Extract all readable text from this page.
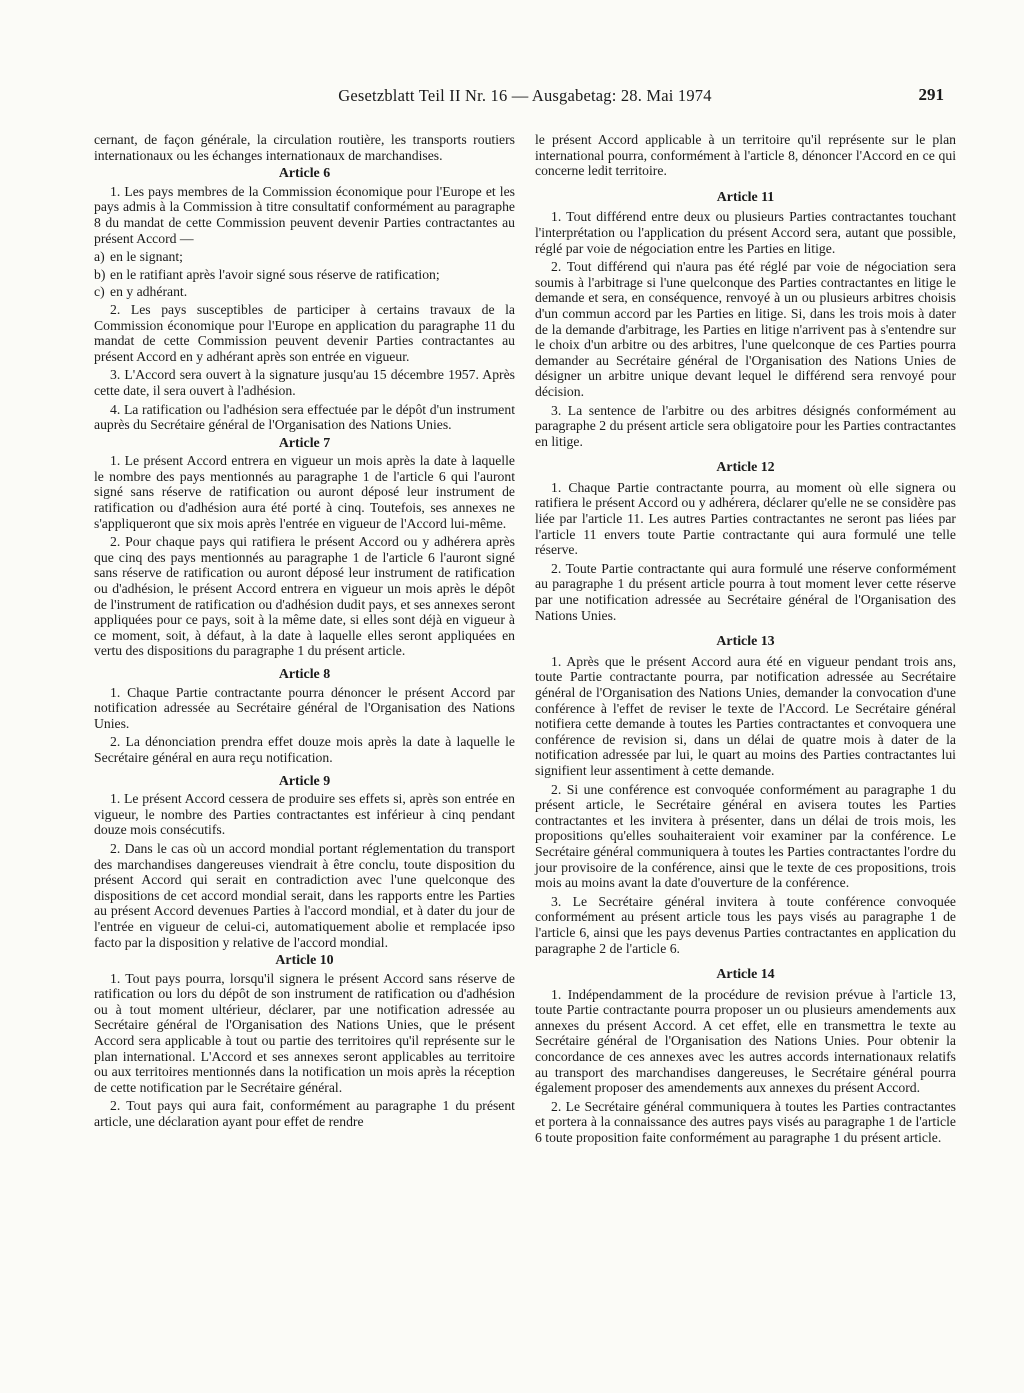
Gesetzblatt Teil II Nr. 16 — Ausgabetag: 28. Mai 1974	291

cernant, de façon générale, la circulation routière, les transports routiers internationaux ou les échanges internationaux de marchandises.

Article 6

1. Les pays membres de la Commission économique pour l'Europe et les pays admis à la Commission à titre consultatif conformément au paragraphe 8 du mandat de cette Commission peuvent devenir Parties contractantes au présent Accord —

a) en le signant;

b) en le ratifiant après l'avoir signé sous réserve de ratification;

c) en y adhérant.

2. Les pays susceptibles de participer à certains travaux de la Commission économique pour l'Europe en application du paragraphe 11 du mandat de cette Commission peuvent devenir Parties contractantes au présent Accord en y adhérant après son entrée en vigueur.

3. L'Accord sera ouvert à la signature jusqu'au 15 décembre 1957. Après cette date, il sera ouvert à l'adhésion.

4. La ratification ou l'adhésion sera effectuée par le dépôt d'un instrument auprès du Secrétaire général de l'Organisation des Nations Unies.

Article 7

1. Le présent Accord entrera en vigueur un mois après la date à laquelle le nombre des pays mentionnés au paragraphe 1 de l'article 6 qui l'auront signé sans réserve de ratification ou auront déposé leur instrument de ratification ou d'adhésion aura été porté à cinq. Toutefois, ses annexes ne s'appliqueront que six mois après l'entrée en vigueur de l'Accord lui-même.

2. Pour chaque pays qui ratifiera le présent Accord ou y adhérera après que cinq des pays mentionnés au paragraphe 1 de l'article 6 l'auront signé sans réserve de ratification ou auront déposé leur instrument de ratification ou d'adhésion, le présent Accord entrera en vigueur un mois après le dépôt de l'instrument de ratification ou d'adhésion dudit pays, et ses annexes seront appliquées pour ce pays, soit à la même date, si elles sont déjà en vigueur à ce moment, soit, à défaut, à la date à laquelle elles seront appliquées en vertu des dispositions du paragraphe 1 du présent article.

Article 8

1. Chaque Partie contractante pourra dénoncer le présent Accord par notification adressée au Secrétaire général de l'Organisation des Nations Unies.

2. La dénonciation prendra effet douze mois après la date à laquelle le Secrétaire général en aura reçu notification.

Article 9

1. Le présent Accord cessera de produire ses effets si, après son entrée en vigueur, le nombre des Parties contractantes est inférieur à cinq pendant douze mois consécutifs.

2. Dans le cas où un accord mondial portant réglementation du transport des marchandises dangereuses viendrait à être conclu, toute disposition du présent Accord qui serait en contradiction avec l'une quelconque des dispositions de cet accord mondial serait, dans les rapports entre les Parties au présent Accord devenues Parties à l'accord mondial, et à dater du jour de l'entrée en vigueur de celui-ci, automatiquement abolie et remplacée ipso facto par la disposition y relative de l'accord mondial.

Article 10

1. Tout pays pourra, lorsqu'il signera le présent Accord sans réserve de ratification ou lors du dépôt de son instrument de ratification ou d'adhésion ou à tout moment ultérieur, déclarer, par une notification adressée au Secrétaire général de l'Organisation des Nations Unies, que le présent Accord sera applicable à tout ou partie des territoires qu'il représente sur le plan international. L'Accord et ses annexes seront applicables au territoire ou aux territoires mentionnés dans la notification un mois après la réception de cette notification par le Secrétaire général.

2. Tout pays qui aura fait, conformément au paragraphe 1 du présent article, une déclaration ayant pour effet de rendre

le présent Accord applicable à un territoire qu'il représente sur le plan international pourra, conformément à l'article 8, dénoncer l'Accord en ce qui concerne ledit territoire.

Article 11

1. Tout différend entre deux ou plusieurs Parties contractantes touchant l'interprétation ou l'application du présent Accord sera, autant que possible, réglé par voie de négociation entre les Parties en litige.

2. Tout différend qui n'aura pas été réglé par voie de négociation sera soumis à l'arbitrage si l'une quelconque des Parties contractantes en litige le demande et sera, en conséquence, renvoyé à un ou plusieurs arbitres choisis d'un commun accord par les Parties en litige. Si, dans les trois mois à dater de la demande d'arbitrage, les Parties en litige n'arrivent pas à s'entendre sur le choix d'un arbitre ou des arbitres, l'une quelconque de ces Parties pourra demander au Secrétaire général de l'Organisation des Nations Unies de désigner un arbitre unique devant lequel le différend sera renvoyé pour décision.

3. La sentence de l'arbitre ou des arbitres désignés conformément au paragraphe 2 du présent article sera obligatoire pour les Parties contractantes en litige.

Article 12

1. Chaque Partie contractante pourra, au moment où elle signera ou ratifiera le présent Accord ou y adhérera, déclarer qu'elle ne se considère pas liée par l'article 11. Les autres Parties contractantes ne seront pas liées par l'article 11 envers toute Partie contractante qui aura formulé une telle réserve.

2. Toute Partie contractante qui aura formulé une réserve conformément au paragraphe 1 du présent article pourra à tout moment lever cette réserve par une notification adressée au Secrétaire général de l'Organisation des Nations Unies.

Article 13

1. Après que le présent Accord aura été en vigueur pendant trois ans, toute Partie contractante pourra, par notification adressée au Secrétaire général de l'Organisation des Nations Unies, demander la convocation d'une conférence à l'effet de reviser le texte de l'Accord. Le Secrétaire général notifiera cette demande à toutes les Parties contractantes et convoquera une conférence de revision si, dans un délai de quatre mois à dater de la notification adressée par lui, le quart au moins des Parties contractantes lui signifient leur assentiment à cette demande.

2. Si une conférence est convoquée conformément au paragraphe 1 du présent article, le Secrétaire général en avisera toutes les Parties contractantes et les invitera à présenter, dans un délai de trois mois, les propositions qu'elles souhaiteraient voir examiner par la conférence. Le Secrétaire général communiquera à toutes les Parties contractantes l'ordre du jour provisoire de la conférence, ainsi que le texte de ces propositions, trois mois au moins avant la date d'ouverture de la conférence.

3. Le Secrétaire général invitera à toute conférence convoquée conformément au présent article tous les pays visés au paragraphe 1 de l'article 6, ainsi que les pays devenus Parties contractantes en application du paragraphe 2 de l'article 6.

Article 14

1. Indépendamment de la procédure de revision prévue à l'article 13, toute Partie contractante pourra proposer un ou plusieurs amendements aux annexes du présent Accord. A cet effet, elle en transmettra le texte au Secrétaire général de l'Organisation des Nations Unies. Pour obtenir la concordance de ces annexes avec les autres accords internationaux relatifs au transport des marchandises dangereuses, le Secrétaire général pourra également proposer des amendements aux annexes du présent Accord.

2. Le Secrétaire général communiquera à toutes les Parties contractantes et portera à la connaissance des autres pays visés au paragraphe 1 de l'article 6 toute proposition faite conformément au paragraphe 1 du présent article.
